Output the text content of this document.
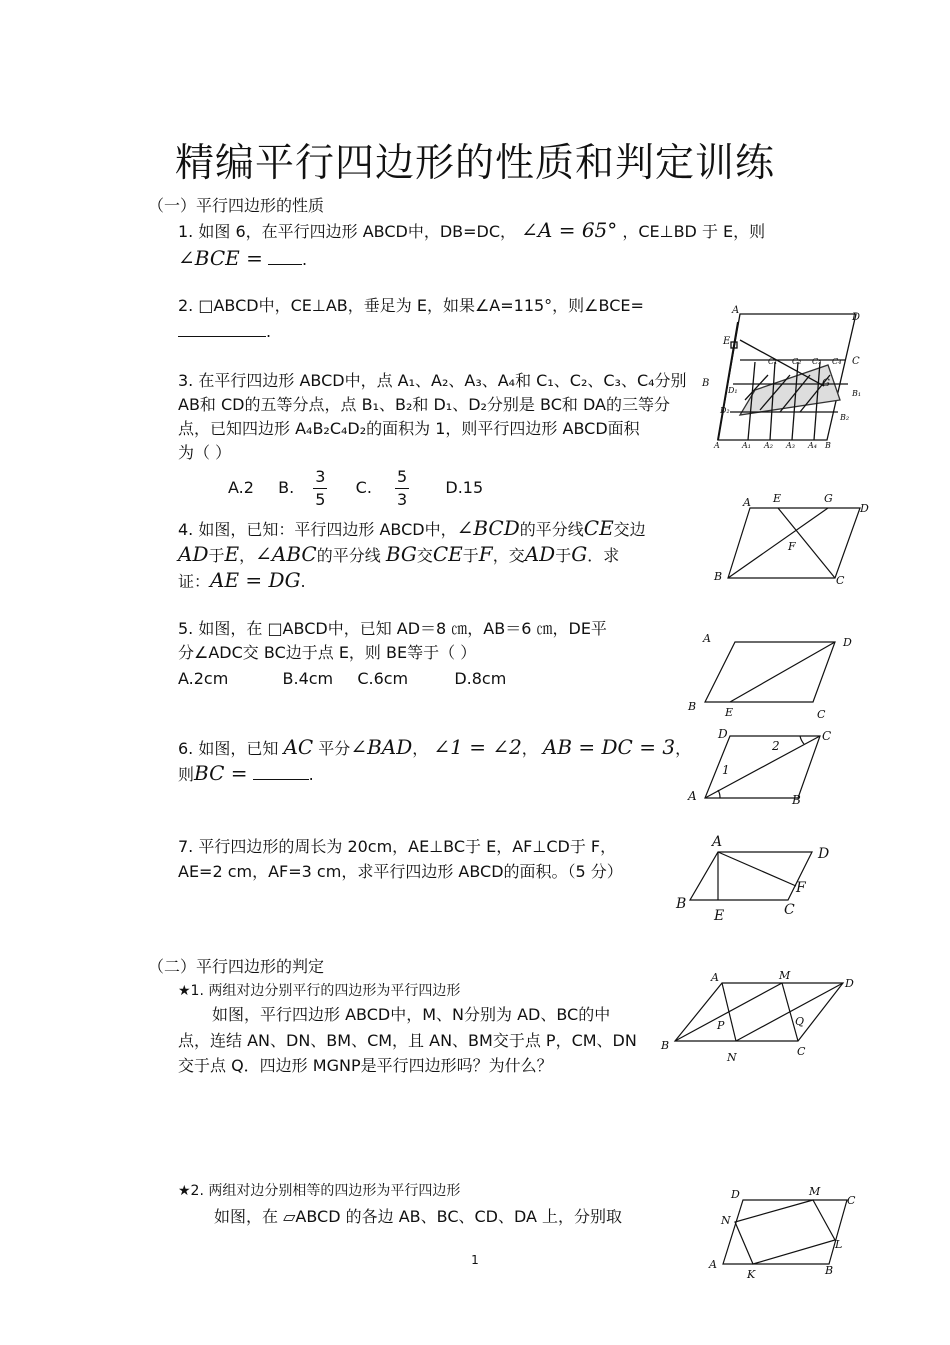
精编平行四边形的性质和判定训练
（一）平行四边形的性质
1. 如图 6，在平行四边形 ABCD中，DB=DC， ∠A = 65° ，CE⊥BD 于 E，则
∠BCE = .
2. □ABCD中，CE⊥AB，垂足为 E，如果∠A=115°，则∠BCE=
.
3. 在平行四边形 ABCD中，点 A₁、A₂、A₃、A₄和 C₁、C₂、C₃、C₄分别
AB和 CD的五等分点，点 B₁、B₂和 D₁、D₂分别是 BC和 DA的三等分
点，已知四边形 A₄B₂C₄D₂的面积为 1，则平行四边形 ABCD面积
为（ ）
A.2 B. $\frac{3}{5} C$. $\frac{5}{3} D.15$
4. 如图，已知：平行四边形 ABCD中，∠BCD的平分线CE交边
AD于E，∠ABC的平分线 BG交CE于F，交AD于G．求
证：AE = DG.
5. 如图，在 □ABCD中，已知 AD＝8 ㎝，AB＝6 ㎝，DE平
分∠ADC交 BC边于点 E，则 BE等于（ ）
A.2cm	B.4cm C.6cm	D.8cm
6. 如图，已知 AC 平分∠BAD， ∠1 = ∠2， AB = DC = 3，
则BC =	.
7. 平行四边形的周长为 20cm，AE⊥BC于 E，AF⊥CD于 F，
AE=2 cm，AF=3 cm，求平行四边形 ABCD的面积。（5 分）
（二）平行四边形的判定
★1. 两组对边分别平行的四边形为平行四边形
如图，平行四边形 ABCD中，M、N分别为 AD、BC的中
点，连结 AN、DN、BM、CM，且 AN、BM交于点 P，CM、DN
交于点 Q．四边形 MGNP是平行四边形吗？为什么？
★2. 两组对边分别相等的四边形为平行四边形
如图，在 ▱ABCD 的各边 AB、BC、CD、DA 上，分别取
1
A
D
E
B	G
C
C₁ C₂ C₃ C₄
D₁
D₂
B₁
B₂
A₁ A₂ A₃ A₄
A	B
A E	G
D
F
B	C
A	D
B	E	C
D
2
C
1
A	B
A
D
F
B
E	C
A	M
D
P	Q
B
N	C
D	M
C
N
L
A
K	B
